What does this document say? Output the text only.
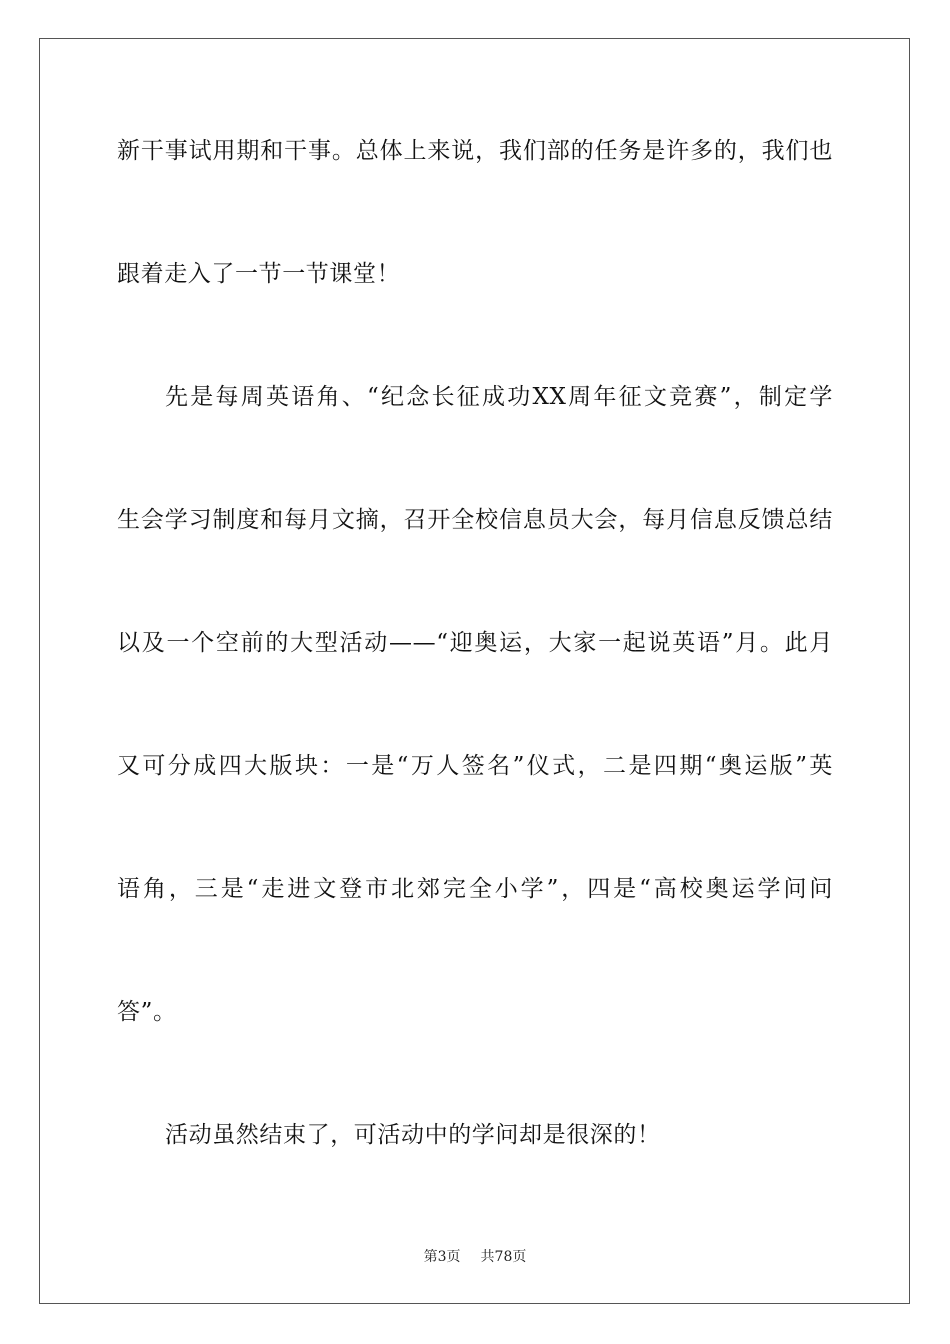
新干事试用期和干事。总体上来说，我们部的任务是许多的，我们也
跟着走入了一节一节课堂！
先是每周英语角、“纪念长征成功XX周年征文竞赛”，制定学
生会学习制度和每月文摘，召开全校信息员大会，每月信息反馈总结
以及一个空前的大型活动——“迎奥运，大家一起说英语”月。此月
又可分成四大版块：一是“万人签名”仪式，二是四期“奥运版”英
语角，三是“走进文登市北郊完全小学”，四是“高校奥运学问问
答”。
活动虽然结束了，可活动中的学问却是很深的！
第3页 共78页
